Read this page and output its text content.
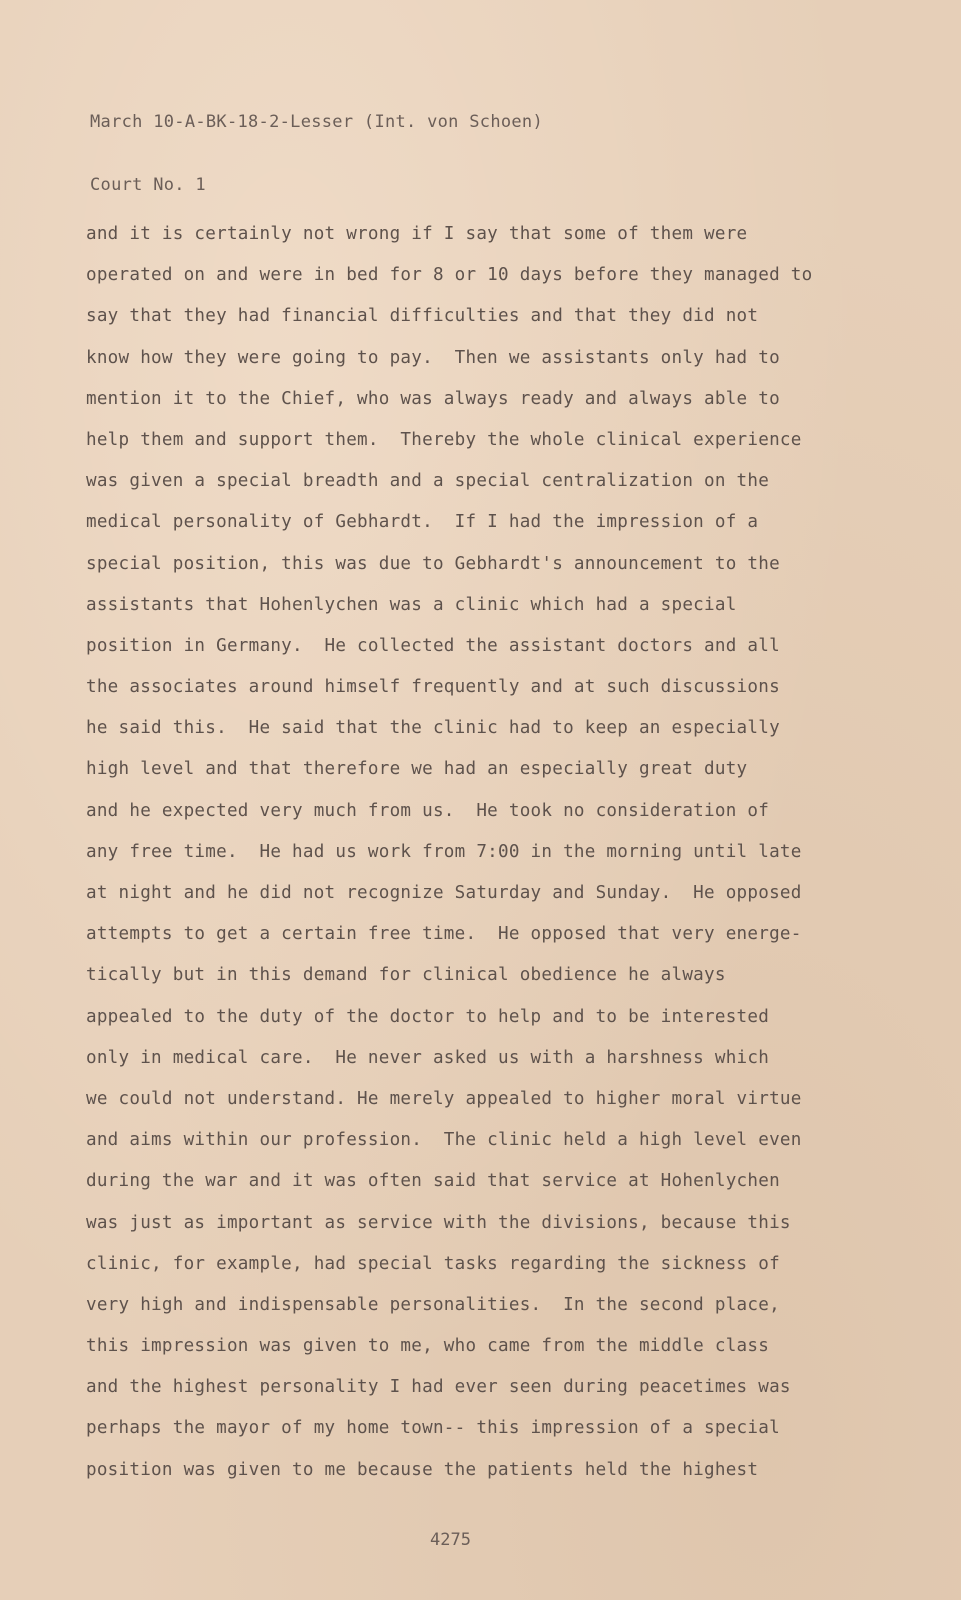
March 10-A-BK-18-2-Lesser (Int. von Schoen)

Court No. 1

and it is certainly not wrong if I say that some of them were
operated on and were in bed for 8 or 10 days before they managed to
say that they had financial difficulties and that they did not
know how they were going to pay.  Then we assistants only had to
mention it to the Chief, who was always ready and always able to
help them and support them.  Thereby the whole clinical experience
was given a special breadth and a special centralization on the
medical personality of Gebhardt.  If I had the impression of a
special position, this was due to Gebhardt's announcement to the
assistants that Hohenlychen was a clinic which had a special
position in Germany.  He collected the assistant doctors and all
the associates around himself frequently and at such discussions
he said this.  He said that the clinic had to keep an especially
high level and that therefore we had an especially great duty
and he expected very much from us.  He took no consideration of
any free time.  He had us work from 7:00 in the morning until late
at night and he did not recognize Saturday and Sunday.  He opposed
attempts to get a certain free time.  He opposed that very energe-
tically but in this demand for clinical obedience he always
appealed to the duty of the doctor to help and to be interested
only in medical care.  He never asked us with a harshness which
we could not understand. He merely appealed to higher moral virtue
and aims within our profession.  The clinic held a high level even
during the war and it was often said that service at Hohenlychen
was just as important as service with the divisions, because this
clinic, for example, had special tasks regarding the sickness of
very high and indispensable personalities.  In the second place,
this impression was given to me, who came from the middle class
and the highest personality I had ever seen during peacetimes was
perhaps the mayor of my home town-- this impression of a special
position was given to me because the patients held the highest
4275
